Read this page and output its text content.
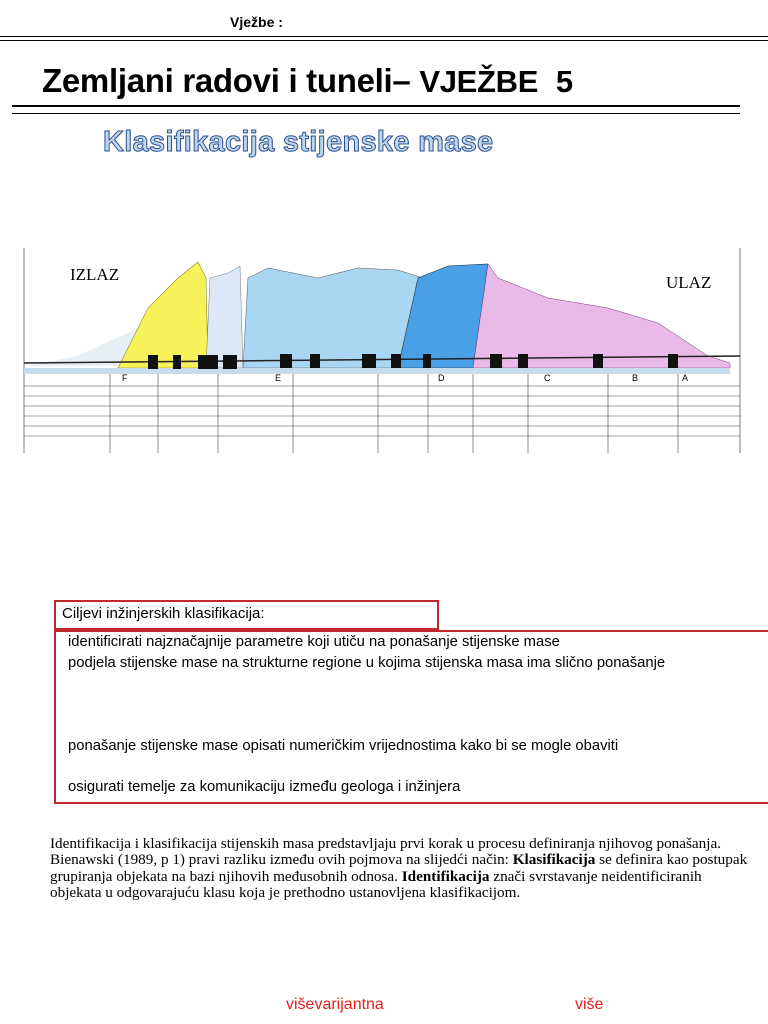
Vježbe :
Zemljani radovi i tuneli– VJEŽBE 5
Klasifikacija stijenske mase
IZLAZ	ULAZ
F	E	D	C	B	A
Ciljevi inžinjerskih klasifikacija:
identificirati najznačajnije parametre koji utiču na ponašanje stijenske mase
podjela stijenske mase na strukturne regione u kojima stijenska masa ima slično ponašanje
ponašanje stijenske mase opisati numeričkim vrijednostima kako bi se mogle obaviti
osigurati temelje za komunikaciju između geologa i inžinjera
Identifikacija i klasifikacija stijenskih masa predstavljaju prvi korak u procesu definiranja njihovog ponašanja. Bienawski (1989, p 1) pravi razliku između ovih pojmova na slijedći način: Klasifikacija se definira kao postupak grupiranja objekata na bazi njihovih međusobnih odnosa. Identifikacija znači svrstavanje neidentificiranih objekata u odgovarajuću klasu koja je prethodno ustanovljena klasifikacijom.
viševarijantna	više
